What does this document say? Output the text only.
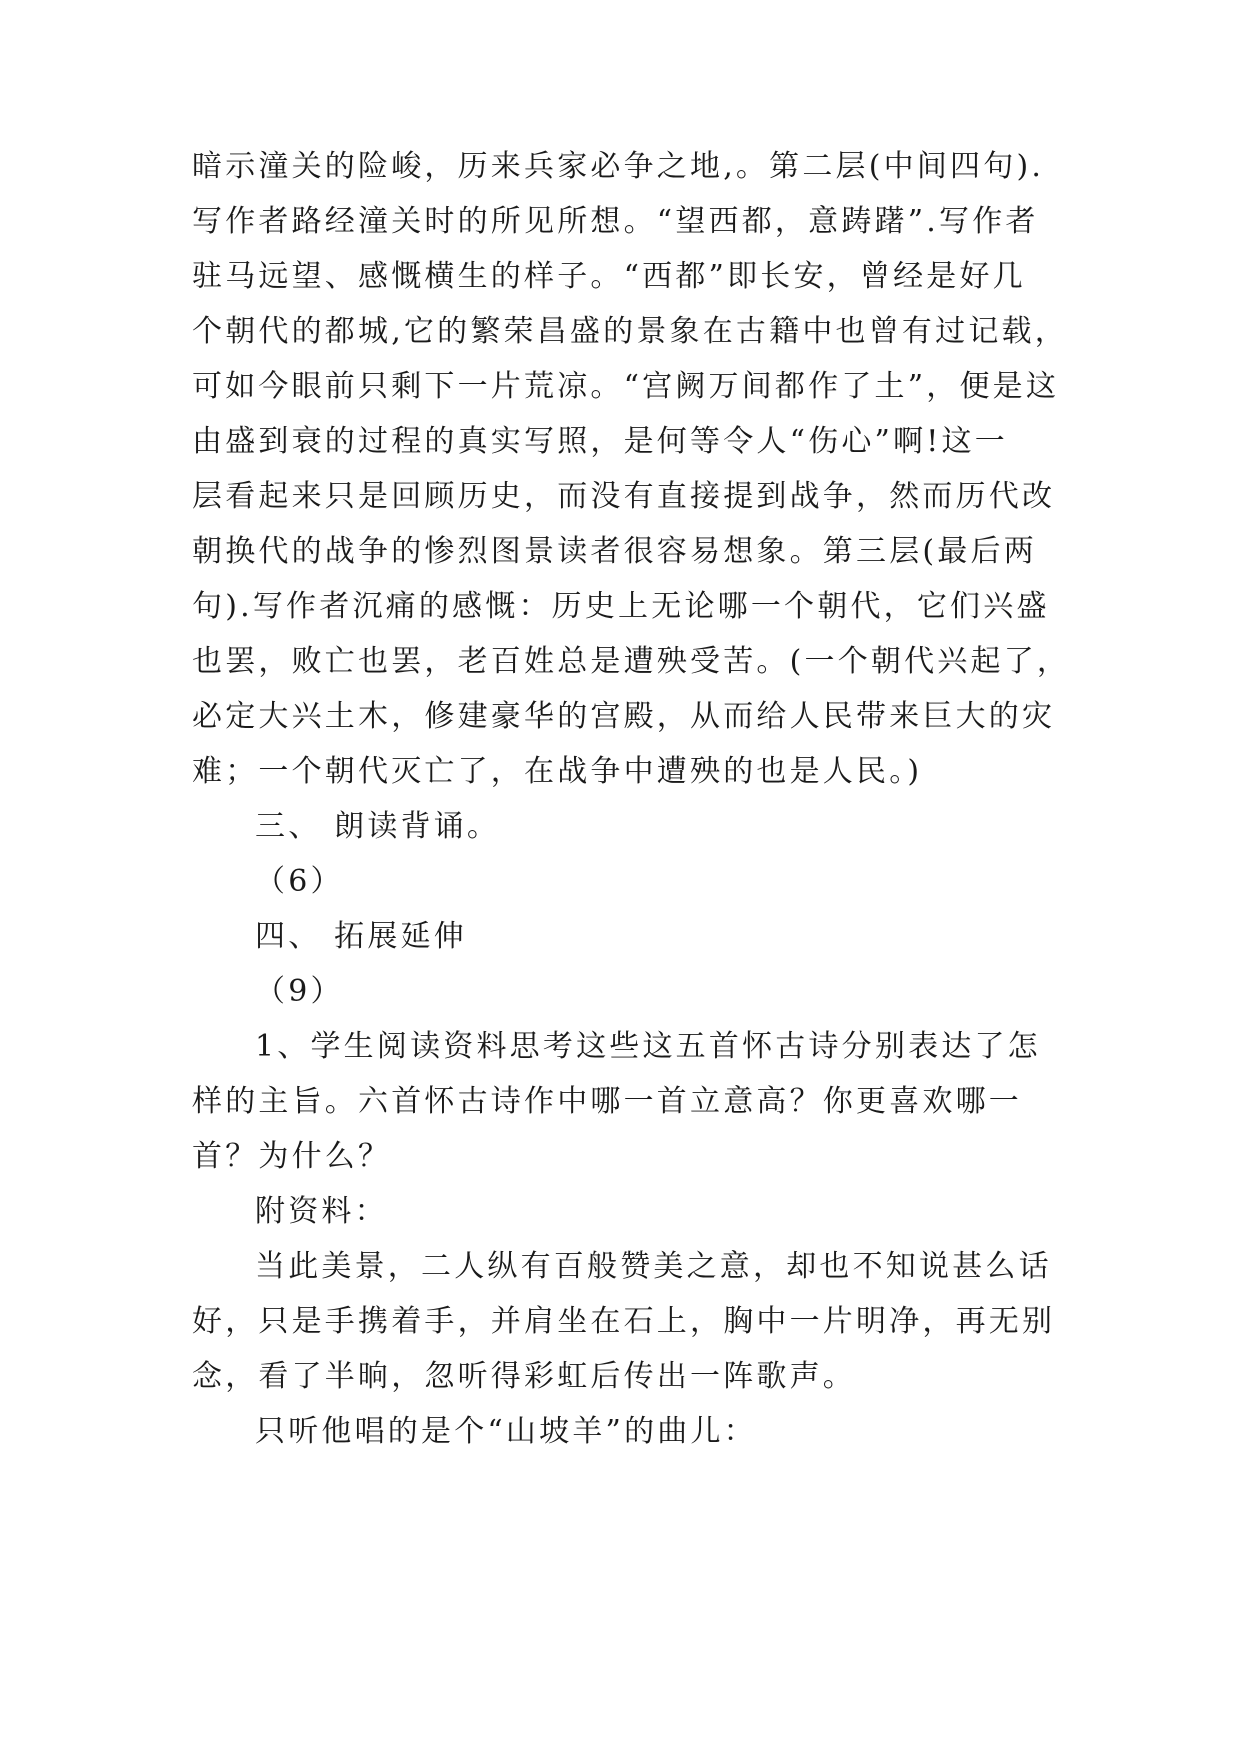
暗示潼关的险峻，历来兵家必争之地,。第二层(中间四句).
写作者路经潼关时的所见所想。“望西都，意踌躇”.写作者
驻马远望、感慨横生的样子。“西都”即长安，曾经是好几
个朝代的都城,它的繁荣昌盛的景象在古籍中也曾有过记载，
可如今眼前只剩下一片荒凉。“宫阙万间都作了土”，便是这
由盛到衰的过程的真实写照，是何等令人“伤心”啊!这一
层看起来只是回顾历史，而没有直接提到战争，然而历代改
朝换代的战争的惨烈图景读者很容易想象。第三层(最后两
句).写作者沉痛的感慨：历史上无论哪一个朝代，它们兴盛
也罢，败亡也罢，老百姓总是遭殃受苦。(一个朝代兴起了，
必定大兴土木，修建豪华的宫殿，从而给人民带来巨大的灾
难；一个朝代灭亡了，在战争中遭殃的也是人民。)
三、 朗读背诵。
（6）
四、 拓展延伸
（9）
1、学生阅读资料思考这些这五首怀古诗分别表达了怎
样的主旨。六首怀古诗作中哪一首立意高？你更喜欢哪一
首？为什么？
附资料：
当此美景，二人纵有百般赞美之意，却也不知说甚么话
好，只是手携着手，并肩坐在石上，胸中一片明净，再无别
念，看了半晌，忽听得彩虹后传出一阵歌声。
只听他唱的是个“山坡羊”的曲儿：
